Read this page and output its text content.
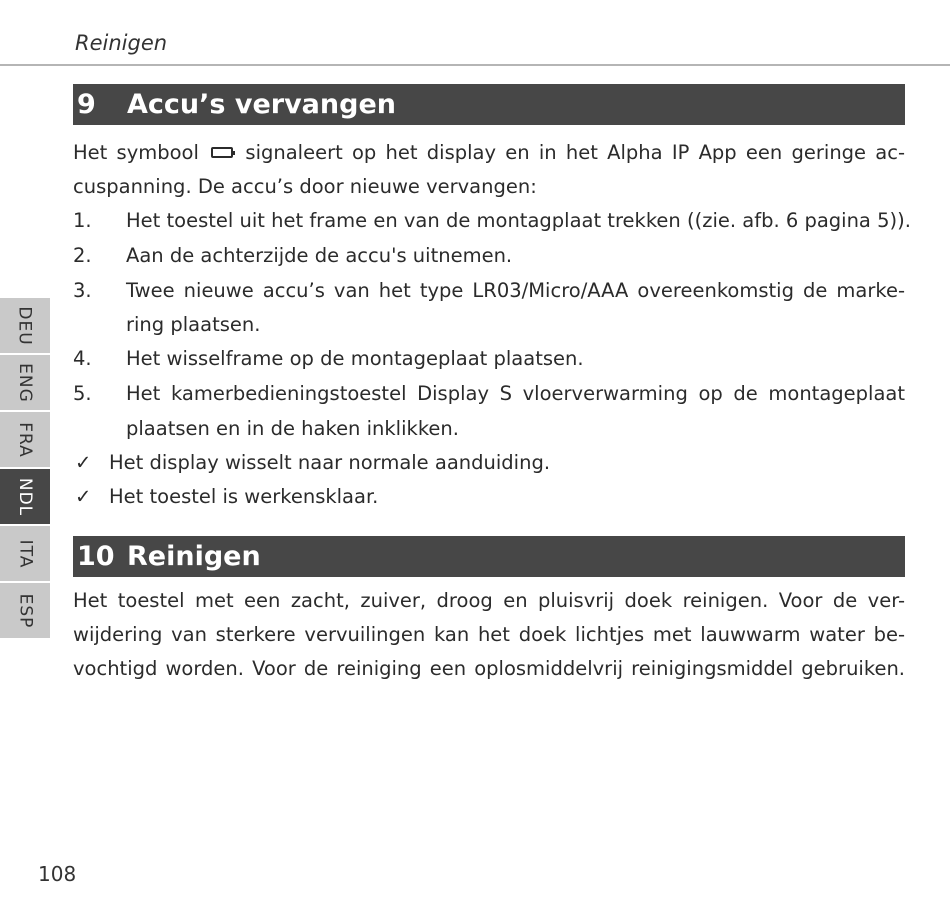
Reinigen
9	Accu’s vervangen
Het symbool signaleert op het display en in het Alpha IP App een geringe ac-
cuspanning. De accu’s door nieuwe vervangen:
1. Het toestel uit het frame en van de montagplaat trekken ((zie. afb. 6 pagina 5)).
2. Aan de achterzijde de accu's uitnemen.
3. Twee nieuwe accu’s van het type LR03/Micro/AAA overeenkomstig de marke-
ring plaatsen.
4. Het wisselframe op de montageplaat plaatsen.
5. Het kamerbedieningstoestel Display S vloerverwarming op de montageplaat
plaatsen en in de haken inklikken.
✓ Het display wisselt naar normale aanduiding.
✓ Het toestel is werkensklaar.
10 Reinigen
Het toestel met een zacht, zuiver, droog en pluisvrij doek reinigen. Voor de ver-
wijdering van sterkere vervuilingen kan het doek lichtjes met lauwwarm water be-
vochtigd worden. Voor de reiniging een oplosmiddelvrij reinigingsmiddel gebruiken.
DEU
ENG
FRA
NDL
ITA
ESP
108
